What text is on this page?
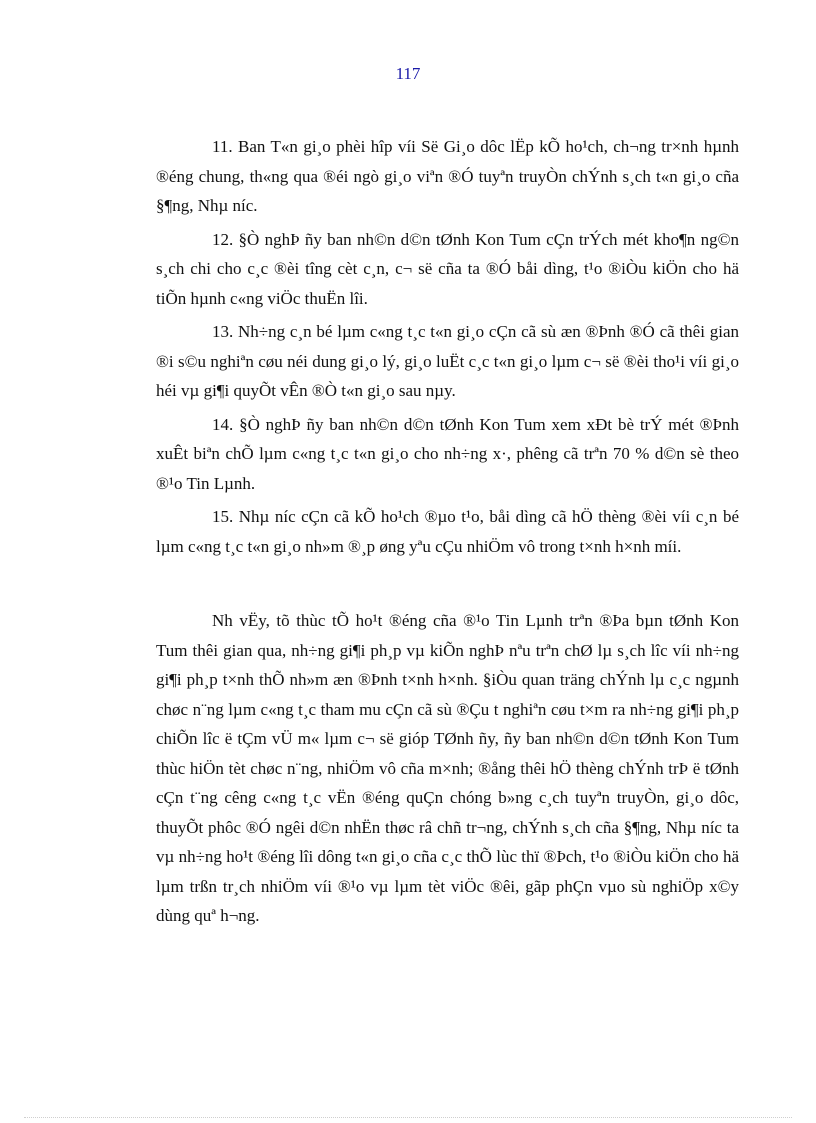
117

11. Ban T«n gi¸o phèi hîp víi Së Gi¸o dôc lËp kÕ ho¹ch, ch¬ng tr×nh hµnh ®éng chung, th«ng qua ®éi ngò gi¸o viªn ®Ó tuyªn truyÒn chÝnh s¸ch t«n gi¸o cña §¶ng, Nhµ níc.

12. §Ò nghÞ ñy ban nh©n d©n tØnh Kon Tum cÇn trÝch mét kho¶n ng©n s¸ch chi cho c¸c ®èi tîng cèt c¸n, c¬ së cña ta ®Ó båi dìng, t¹o ®iÒu kiÖn cho hä tiÕn hµnh c«ng viÖc thuËn lîi.

13. Nh÷ng c¸n bé lµm c«ng t¸c t«n gi¸o cÇn cã sù æn ®Þnh ®Ó cã thêi gian ®i s©u nghiªn cøu néi dung gi¸o lý, gi¸o luËt c¸c t«n gi¸o lµm c¬ së ®èi tho¹i víi gi¸o héi vµ gi¶i quyÕt vÊn ®Ò t«n gi¸o sau nµy.

14. §Ò nghÞ ñy ban nh©n d©n tØnh Kon Tum xem xÐt bè trÝ mét ®Þnh xuÊt biªn chÕ lµm c«ng t¸c t«n gi¸o cho nh÷ng x·, phêng cã trªn 70 % d©n sè theo ®¹o Tin Lµnh.

15. Nhµ níc cÇn cã kÕ ho¹ch ®µo t¹o, båi dìng cã hÖ thèng ®èi víi c¸n bé lµm c«ng t¸c t«n gi¸o nh»m ®¸p øng yªu cÇu nhiÖm vô trong t×nh h×nh míi.

Nh vËy, tõ thùc tÕ ho¹t ®éng cña ®¹o Tin Lµnh trªn ®Þa bµn tØnh Kon Tum thêi gian qua, nh÷ng gi¶i ph¸p vµ kiÕn nghÞ nªu trªn chØ lµ s¸ch lîc víi nh÷ng gi¶i ph¸p t×nh thÕ nh»m æn ®Þnh t×nh h×nh. §iÒu quan träng chÝnh lµ c¸c ngµnh chøc n¨ng lµm c«ng t¸c tham mu cÇn cã sù ®Çu t nghiªn cøu t×m ra nh÷ng gi¶i ph¸p chiÕn lîc ë tÇm vÜ m« lµm c¬ së gióp TØnh ñy, ñy ban nh©n d©n tØnh Kon Tum thùc hiÖn tèt chøc n¨ng, nhiÖm vô cña m×nh; ®ång thêi hÖ thèng chÝnh trÞ ë tØnh cÇn t¨ng cêng c«ng t¸c vËn ®éng quÇn chóng b»ng c¸ch tuyªn truyÒn, gi¸o dôc, thuyÕt phôc ®Ó ngêi d©n nhËn thøc râ chñ tr¬ng, chÝnh s¸ch cña §¶ng, Nhµ níc ta vµ nh÷ng ho¹t ®éng lîi dông t«n gi¸o cña c¸c thÕ lùc thï ®Þch, t¹o ®iÒu kiÖn cho hä lµm trßn tr¸ch nhiÖm víi ®¹o vµ lµm tèt viÖc ®êi, gãp phÇn vµo sù nghiÖp x©y dùng quª h¬ng.
